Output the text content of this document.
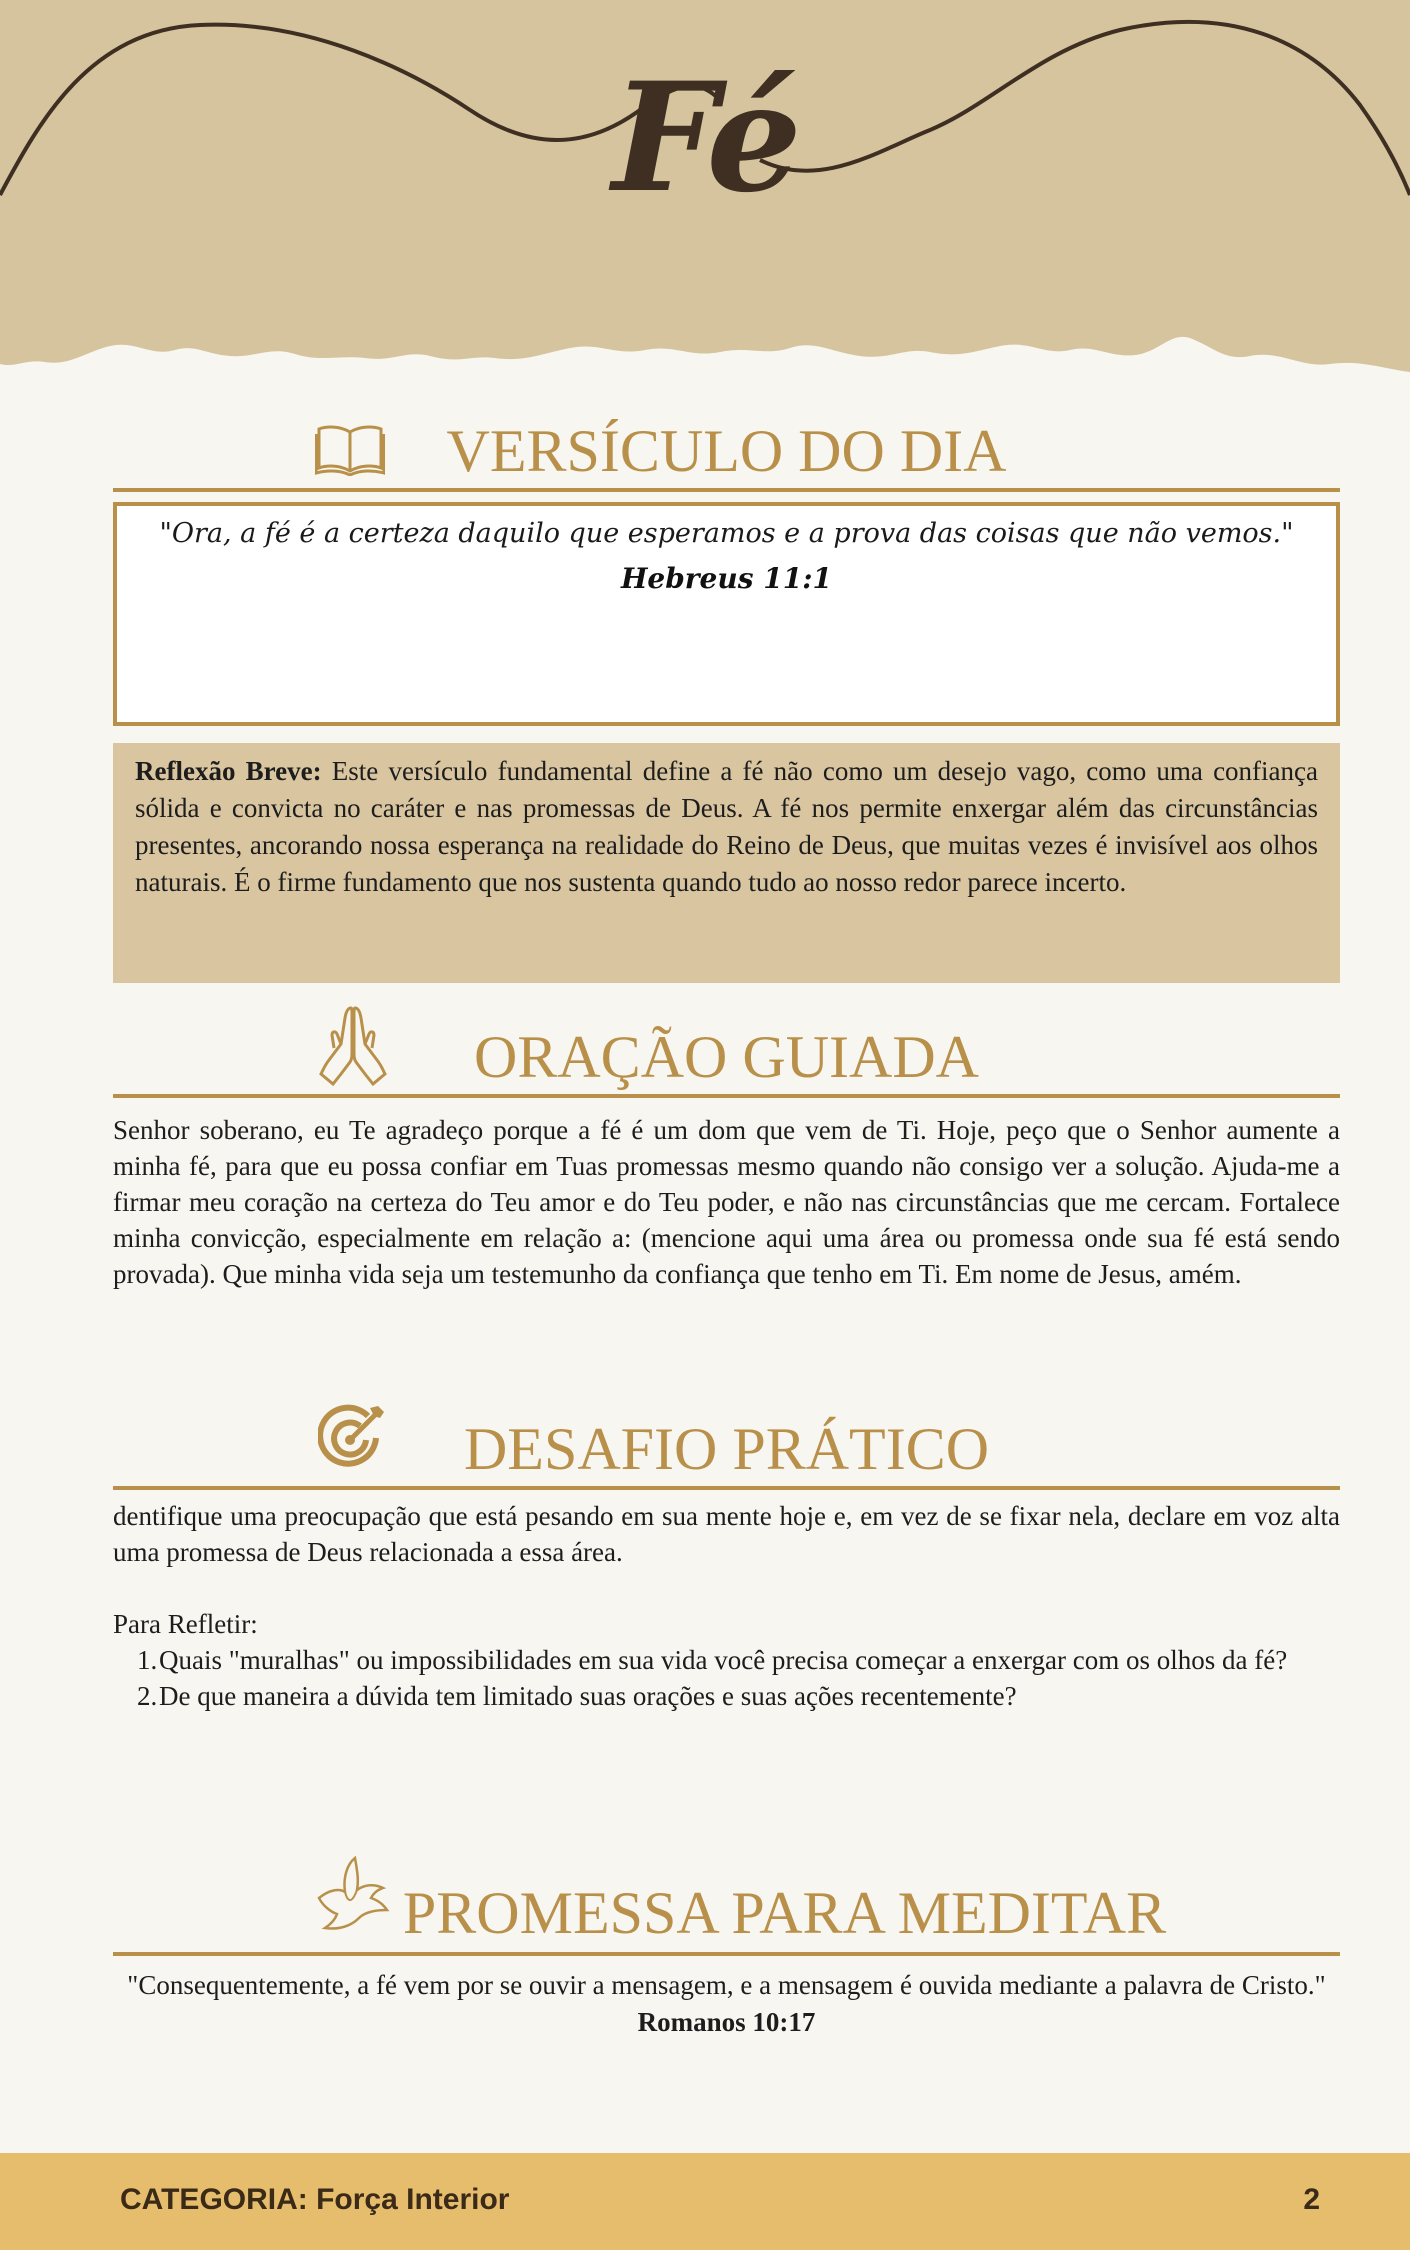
Fé
VERSÍCULO DO DIA
"Ora, a fé é a certeza daquilo que esperamos e a prova das coisas que não vemos."
Hebreus 11:1
Reflexão Breve: Este versículo fundamental define a fé não como um desejo vago, como uma confiança sólida e convicta no caráter e nas promessas de Deus. A fé nos permite enxergar além das circunstâncias presentes, ancorando nossa esperança na realidade do Reino de Deus, que muitas vezes é invisível aos olhos naturais. É o firme fundamento que nos sustenta quando tudo ao nosso redor parece incerto.
ORAÇÃO GUIADA
Senhor soberano, eu Te agradeço porque a fé é um dom que vem de Ti. Hoje, peço que o Senhor aumente a minha fé, para que eu possa confiar em Tuas promessas mesmo quando não consigo ver a solução. Ajuda-me a firmar meu coração na certeza do Teu amor e do Teu poder, e não nas circunstâncias que me cercam. Fortalece minha convicção, especialmente em relação a: (mencione aqui uma área ou promessa onde sua fé está sendo provada). Que minha vida seja um testemunho da confiança que tenho em Ti. Em nome de Jesus, amém.
DESAFIO PRÁTICO
dentifique uma preocupação que está pesando em sua mente hoje e, em vez de se fixar nela, declare em voz alta uma promessa de Deus relacionada a essa área.
Para Refletir:
1. Quais "muralhas" ou impossibilidades em sua vida você precisa começar a enxergar com os olhos da fé?
2. De que maneira a dúvida tem limitado suas orações e suas ações recentemente?
PROMESSA PARA MEDITAR
"Consequentemente, a fé vem por se ouvir a mensagem, e a mensagem é ouvida mediante a palavra de Cristo."
Romanos 10:17
CATEGORIA: Força Interior	2
